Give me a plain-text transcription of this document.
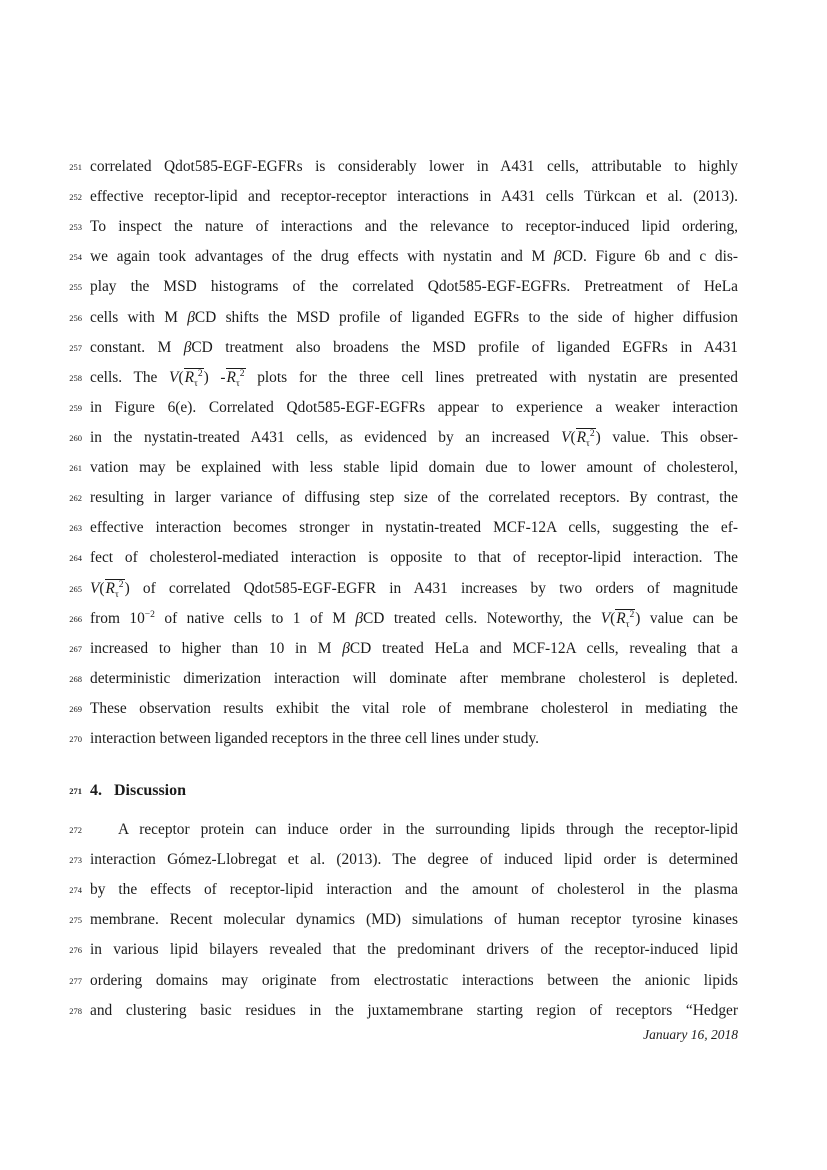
251 correlated Qdot585-EGF-EGFRs is considerably lower in A431 cells, attributable to highly
252 effective receptor-lipid and receptor-receptor interactions in A431 cells Türkcan et al. (2013).
253 To inspect the nature of interactions and the relevance to receptor-induced lipid ordering,
254 we again took advantages of the drug effects with nystatin and M βCD. Figure 6b and c dis-
255 play the MSD histograms of the correlated Qdot585-EGF-EGFRs. Pretreatment of HeLa
256 cells with M βCD shifts the MSD profile of liganded EGFRs to the side of higher diffusion
257 constant. M βCD treatment also broadens the MSD profile of liganded EGFRs in A431
258 cells. The $V(R_\tau^2)$ $-R_\tau^2$ plots for the three cell lines pretreated with nystatin are presented
259 in Figure 6(e). Correlated Qdot585-EGF-EGFRs appear to experience a weaker interaction
260 in the nystatin-treated A431 cells, as evidenced by an increased $V(R_\tau^2)$ value. This obser-
261 vation may be explained with less stable lipid domain due to lower amount of cholesterol,
262 resulting in larger variance of diffusing step size of the correlated receptors. By contrast, the
263 effective interaction becomes stronger in nystatin-treated MCF-12A cells, suggesting the ef-
264 fect of cholesterol-mediated interaction is opposite to that of receptor-lipid interaction. The
265 $V(R_\tau^2)$ of correlated Qdot585-EGF-EGFR in A431 increases by two orders of magnitude
266 from $10^{-2}$ of native cells to 1 of M βCD treated cells. Noteworthy, the $V(R_\tau^2)$ value can be
267 increased to higher than 10 in M βCD treated HeLa and MCF-12A cells, revealing that a
268 deterministic dimerization interaction will dominate after membrane cholesterol is depleted.
269 These observation results exhibit the vital role of membrane cholesterol in mediating the
270 interaction between liganded receptors in the three cell lines under study.
271 4. Discussion
272	A receptor protein can induce order in the surrounding lipids through the receptor-lipid
273 interaction Gómez-Llobregat et al. (2013). The degree of induced lipid order is determined
274 by the effects of receptor-lipid interaction and the amount of cholesterol in the plasma
275 membrane. Recent molecular dynamics (MD) simulations of human receptor tyrosine kinases
276 in various lipid bilayers revealed that the predominant drivers of the receptor-induced lipid
277 ordering domains may originate from electrostatic interactions between the anionic lipids
278 and clustering basic residues in the juxtamembrane starting region of receptors “Hedger
January 16, 2018
